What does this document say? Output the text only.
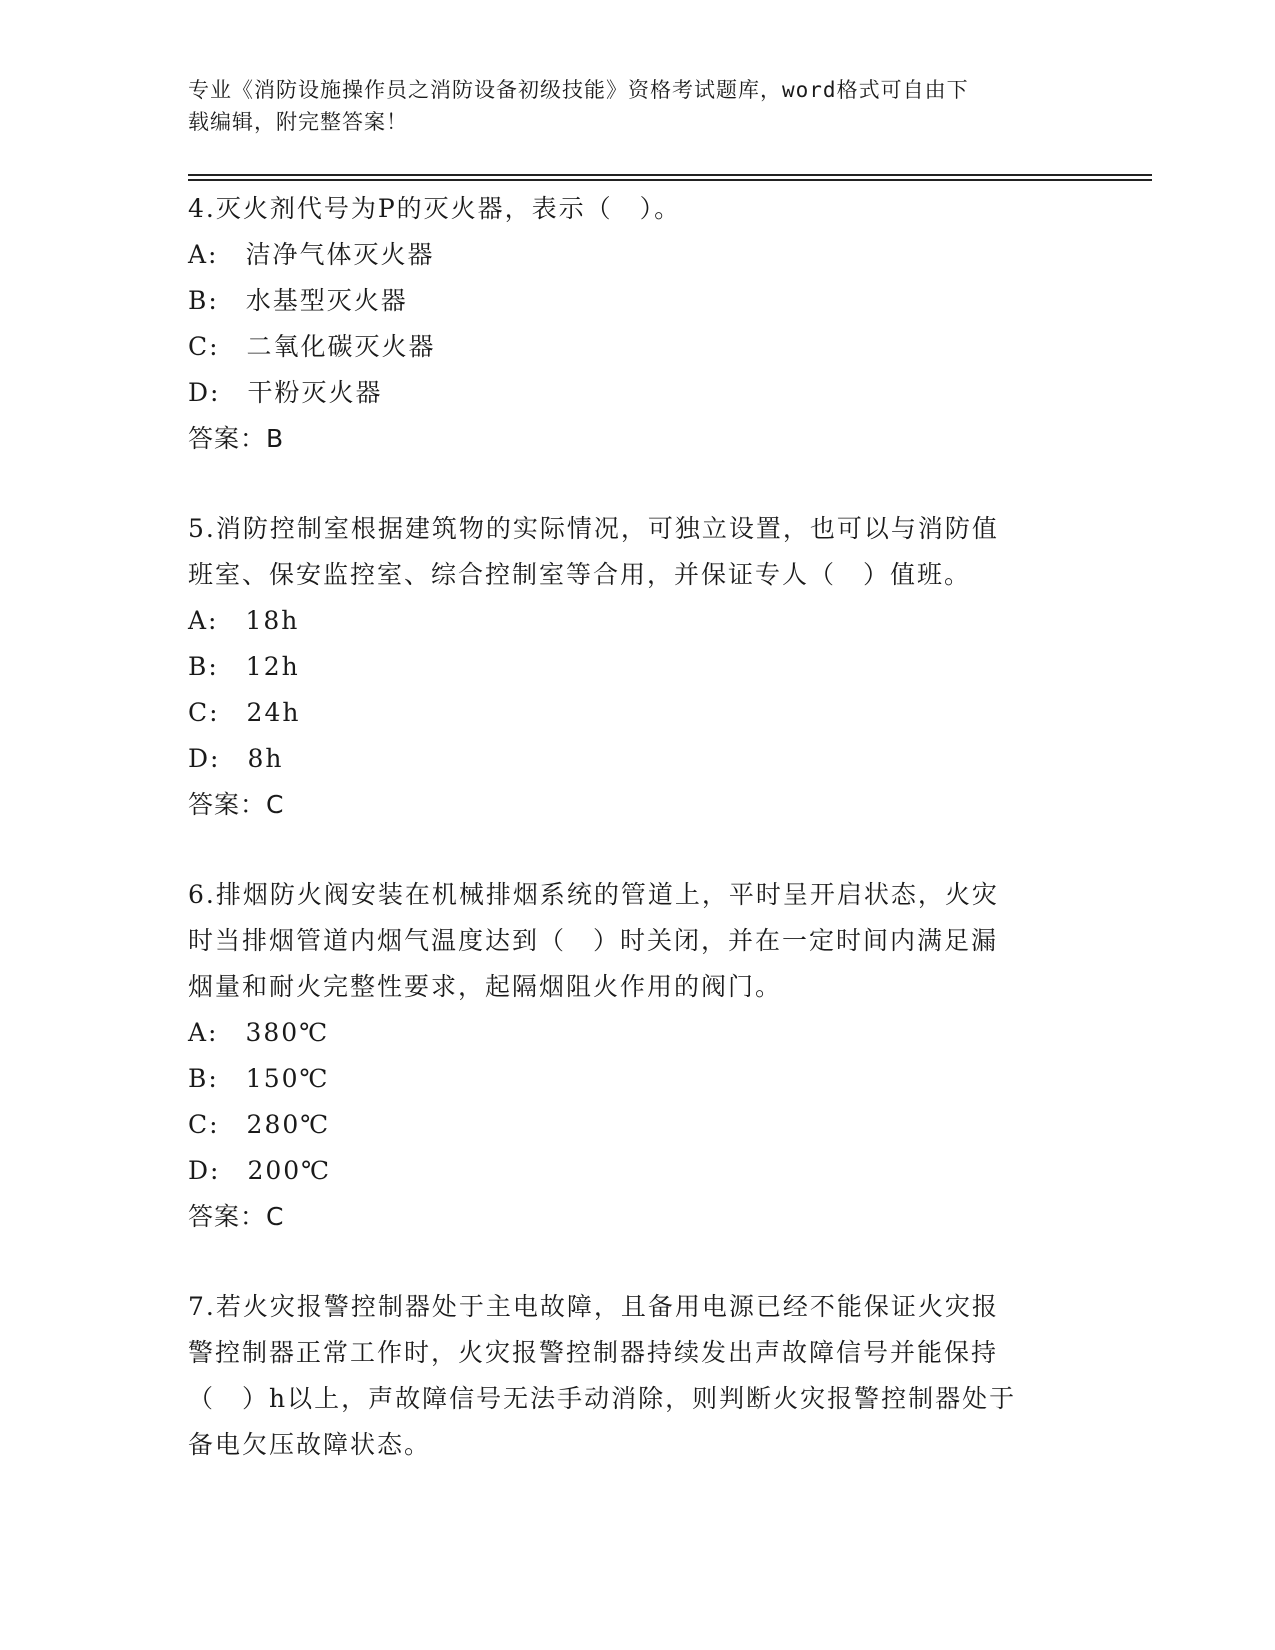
专业《消防设施操作员之消防设备初级技能》资格考试题库，word格式可自由下
载编辑，附完整答案！
4.灭火剂代号为P的灭火器，表示（　）。
A:　洁净气体灭火器
B:　水基型灭火器
C:　二氧化碳灭火器
D:　干粉灭火器
答案：B
5.消防控制室根据建筑物的实际情况，可独立设置，也可以与消防值
班室、保安监控室、综合控制室等合用，并保证专人（　）值班。
A:　18h
B:　12h
C:　24h
D:　8h
答案：C
6.排烟防火阀安装在机械排烟系统的管道上，平时呈开启状态，火灾
时当排烟管道内烟气温度达到（　）时关闭，并在一定时间内满足漏
烟量和耐火完整性要求，起隔烟阻火作用的阀门。
A:　380℃
B:　150℃
C:　280℃
D:　200℃
答案：C
7.若火灾报警控制器处于主电故障，且备用电源已经不能保证火灾报
警控制器正常工作时，火灾报警控制器持续发出声故障信号并能保持
（　）h以上，声故障信号无法手动消除，则判断火灾报警控制器处于
备电欠压故障状态。
